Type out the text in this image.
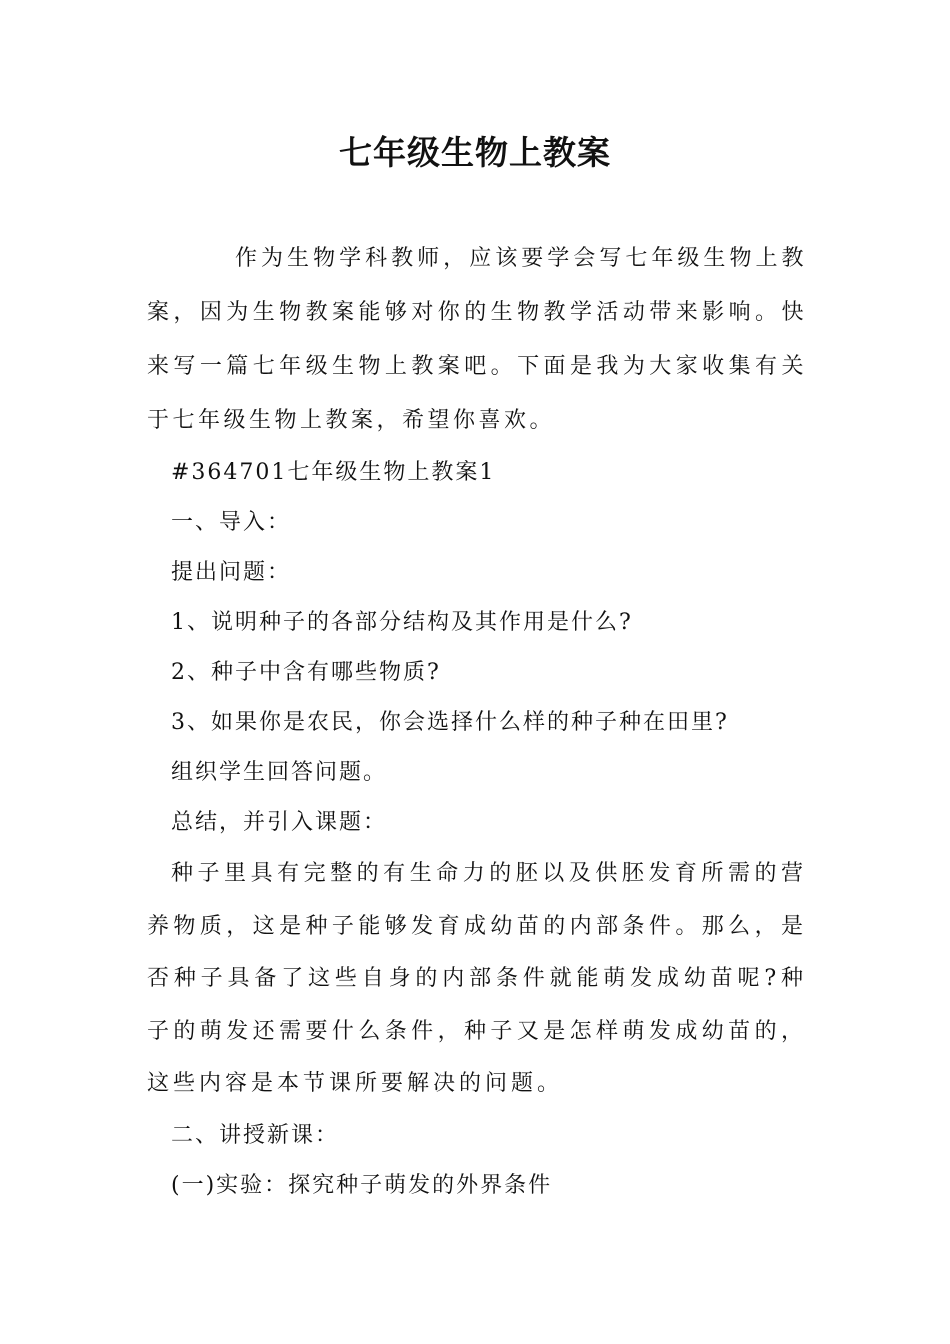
七年级生物上教案

作为生物学科教师，应该要学会写七年级生物上教案，因为生物教案能够对你的生物教学活动带来影响。快来写一篇七年级生物上教案吧。下面是我为大家收集有关于七年级生物上教案，希望你喜欢。

#364701七年级生物上教案1

一、导入：

提出问题：

1、说明种子的各部分结构及其作用是什么?

2、种子中含有哪些物质?

3、如果你是农民，你会选择什么样的种子种在田里?

组织学生回答问题。

总结，并引入课题：

种子里具有完整的有生命力的胚以及供胚发育所需的营养物质，这是种子能够发育成幼苗的内部条件。那么，是否种子具备了这些自身的内部条件就能萌发成幼苗呢?种子的萌发还需要什么条件，种子又是怎样萌发成幼苗的，这些内容是本节课所要解决的问题。

二、讲授新课：

(一)实验：探究种子萌发的外界条件
